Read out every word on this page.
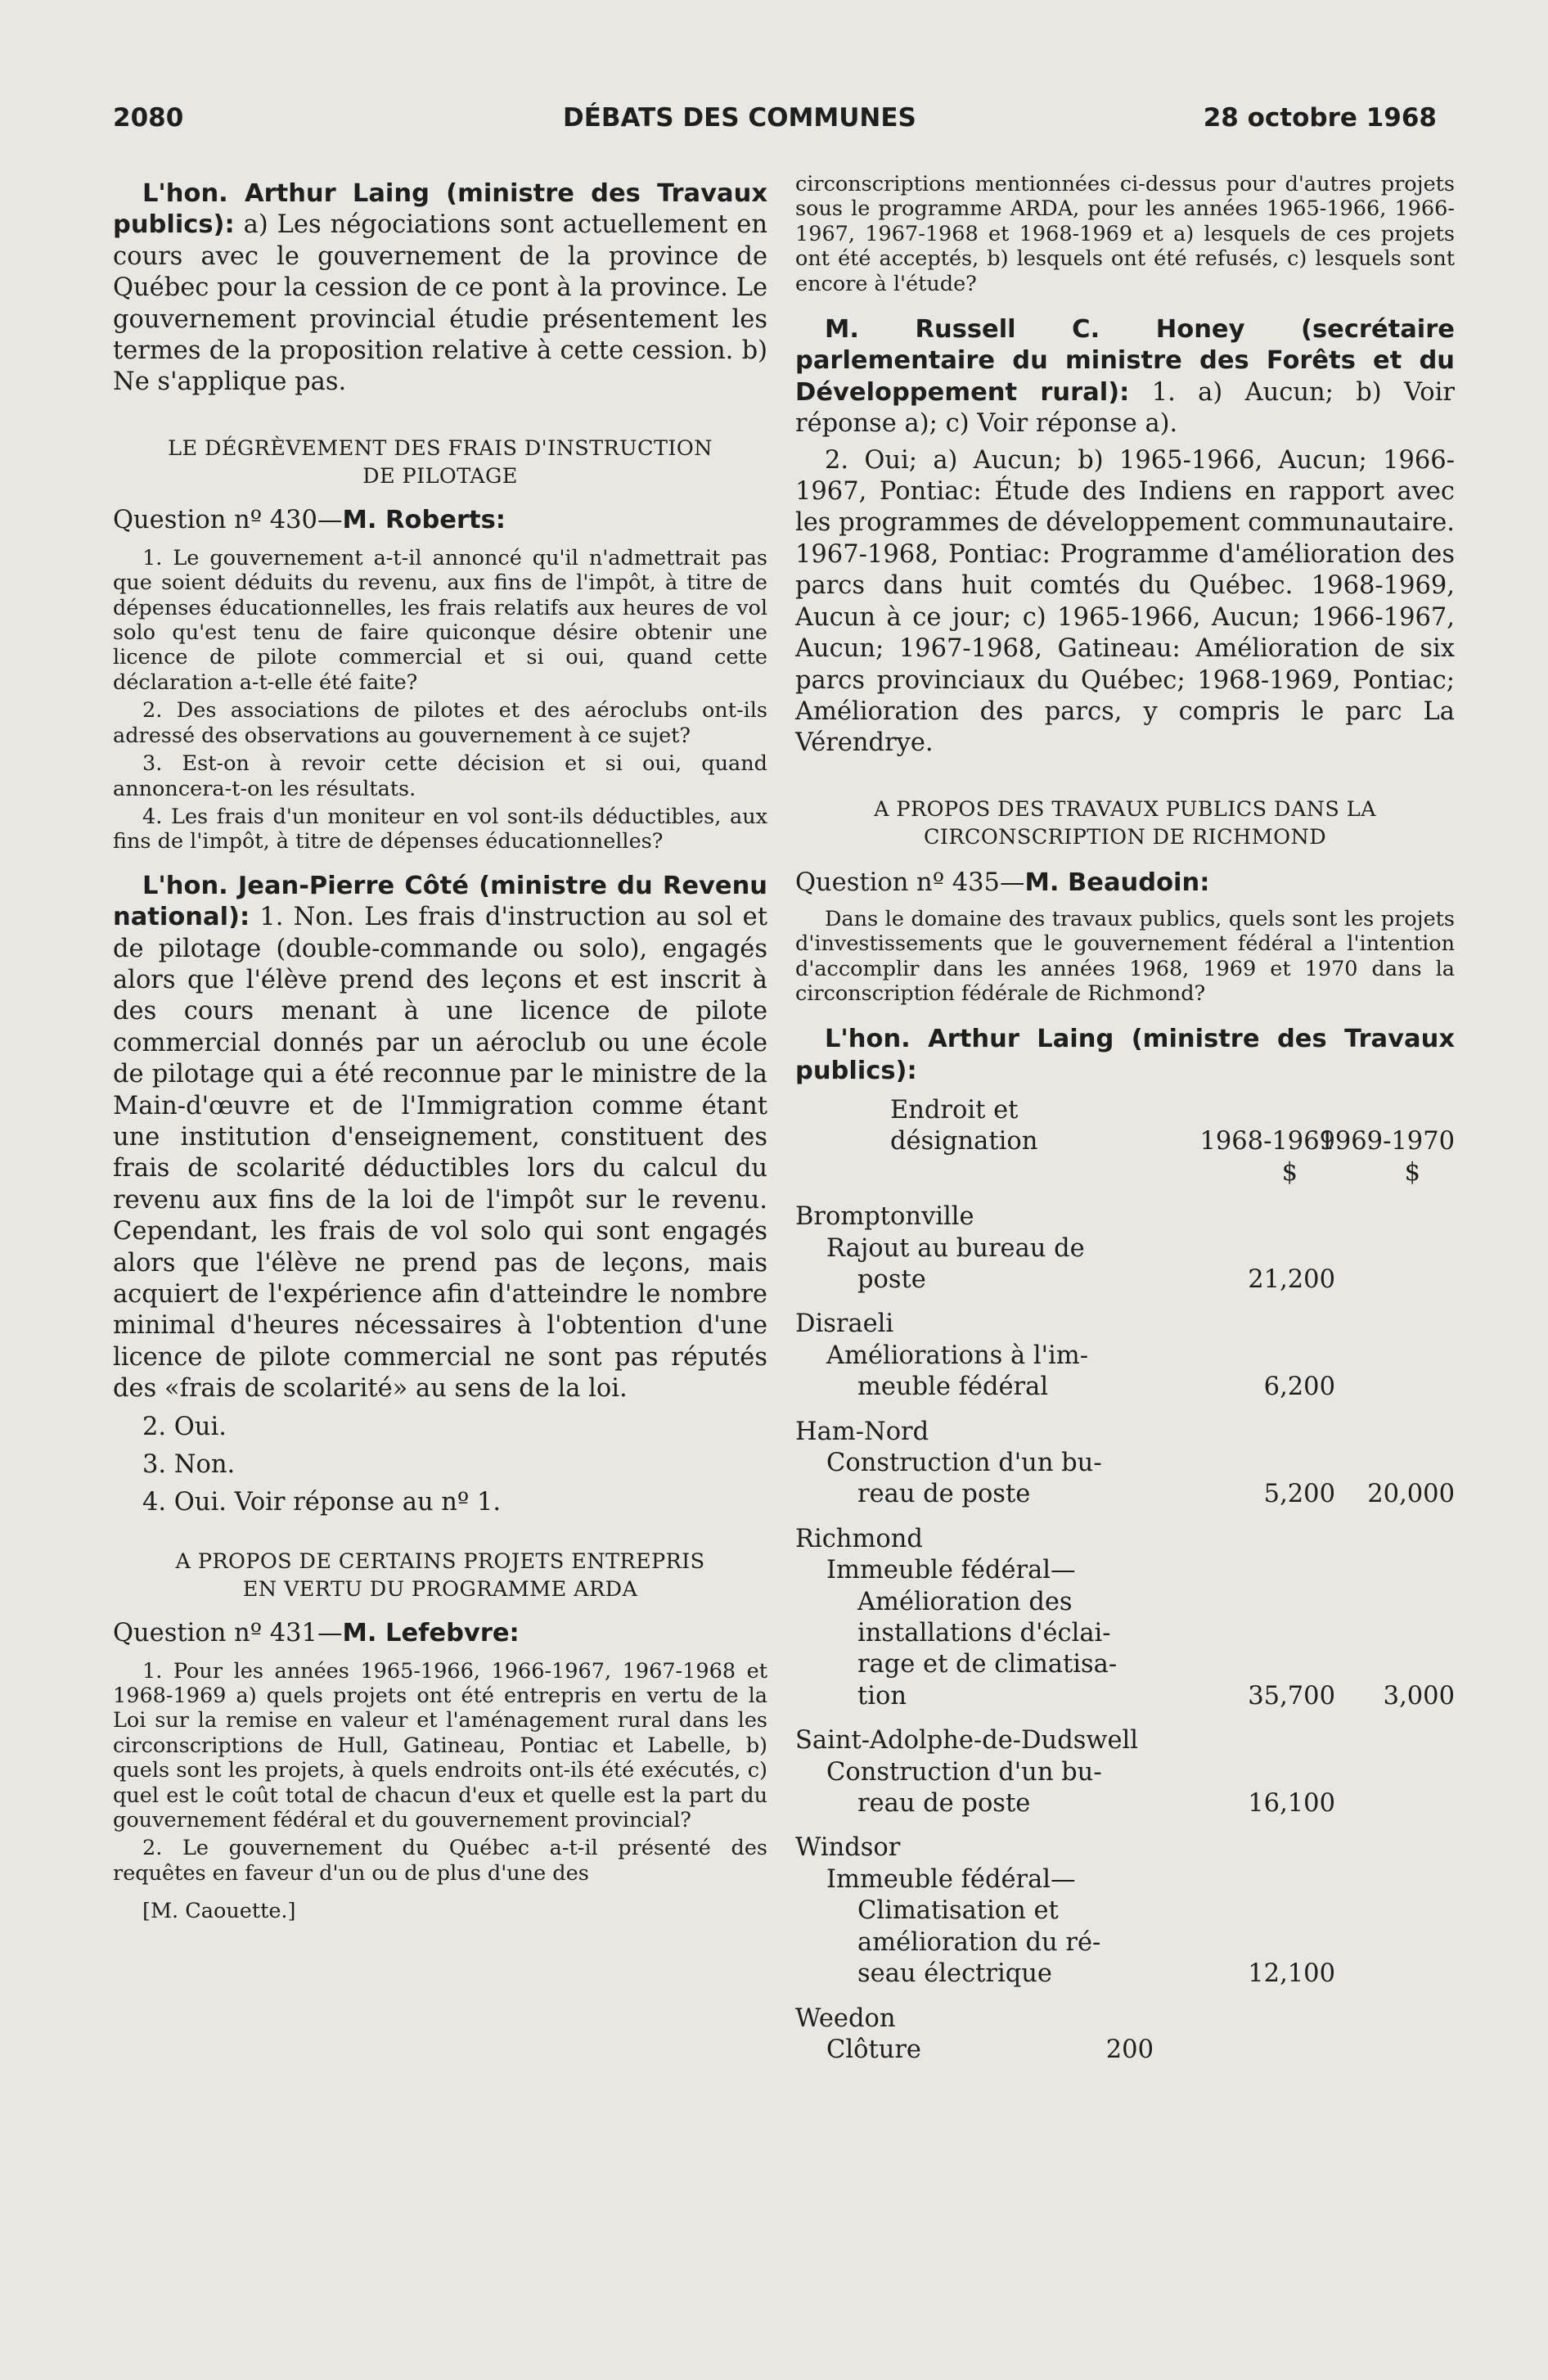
2080	DÉBATS DES COMMUNES	28 octobre 1968

L'hon. Arthur Laing (ministre des Travaux publics): a) Les négociations sont actuellement en cours avec le gouvernement de la province de Québec pour la cession de ce pont à la province. Le gouvernement provincial étudie présentement les termes de la proposition relative à cette cession. b) Ne s'applique pas.

LE DÉGRÈVEMENT DES FRAIS D'INSTRUCTION
DE PILOTAGE

Question nº 430—M. Roberts:

1. Le gouvernement a-t-il annoncé qu'il n'admettrait pas que soient déduits du revenu, aux fins de l'impôt, à titre de dépenses éducationnelles, les frais relatifs aux heures de vol solo qu'est tenu de faire quiconque désire obtenir une licence de pilote commercial et si oui, quand cette déclaration a-t-elle été faite?

2. Des associations de pilotes et des aéroclubs ont-ils adressé des observations au gouvernement à ce sujet?

3. Est-on à revoir cette décision et si oui, quand annoncera-t-on les résultats.

4. Les frais d'un moniteur en vol sont-ils déductibles, aux fins de l'impôt, à titre de dépenses éducationnelles?

L'hon. Jean-Pierre Côté (ministre du Revenu national): 1. Non. Les frais d'instruction au sol et de pilotage (double-commande ou solo), engagés alors que l'élève prend des leçons et est inscrit à des cours menant à une licence de pilote commercial donnés par un aéroclub ou une école de pilotage qui a été reconnue par le ministre de la Main-d'œuvre et de l'Immigration comme étant une institution d'enseignement, constituent des frais de scolarité déductibles lors du calcul du revenu aux fins de la loi de l'impôt sur le revenu. Cependant, les frais de vol solo qui sont engagés alors que l'élève ne prend pas de leçons, mais acquiert de l'expérience afin d'atteindre le nombre minimal d'heures nécessaires à l'obtention d'une licence de pilote commercial ne sont pas réputés des «frais de scolarité» au sens de la loi.

2. Oui.

3. Non.

4. Oui. Voir réponse au nº 1.

A PROPOS DE CERTAINS PROJETS ENTREPRIS
EN VERTU DU PROGRAMME ARDA

Question nº 431—M. Lefebvre:

1. Pour les années 1965-1966, 1966-1967, 1967-1968 et 1968-1969 a) quels projets ont été entrepris en vertu de la Loi sur la remise en valeur et l'aménagement rural dans les circonscriptions de Hull, Gatineau, Pontiac et Labelle, b) quels sont les projets, à quels endroits ont-ils été exécutés, c) quel est le coût total de chacun d'eux et quelle est la part du gouvernement fédéral et du gouvernement provincial?

2. Le gouvernement du Québec a-t-il présenté des requêtes en faveur d'un ou de plus d'une des

[M. Caouette.]

circonscriptions mentionnées ci-dessus pour d'autres projets sous le programme ARDA, pour les années 1965-1966, 1966-1967, 1967-1968 et 1968-1969 et a) lesquels de ces projets ont été acceptés, b) lesquels ont été refusés, c) lesquels sont encore à l'étude?

M. Russell C. Honey (secrétaire parlementaire du ministre des Forêts et du Développement rural): 1. a) Aucun; b) Voir réponse a); c) Voir réponse a).

2. Oui; a) Aucun; b) 1965-1966, Aucun; 1966-1967, Pontiac: Étude des Indiens en rapport avec les programmes de développement communautaire. 1967-1968, Pontiac: Programme d'amélioration des parcs dans huit comtés du Québec. 1968-1969, Aucun à ce jour; c) 1965-1966, Aucun; 1966-1967, Aucun; 1967-1968, Gatineau: Amélioration de six parcs provinciaux du Québec; 1968-1969, Pontiac; Amélioration des parcs, y compris le parc La Vérendrye.

A PROPOS DES TRAVAUX PUBLICS DANS LA
CIRCONSCRIPTION DE RICHMOND

Question nº 435—M. Beaudoin:

Dans le domaine des travaux publics, quels sont les projets d'investissements que le gouvernement fédéral a l'intention d'accomplir dans les années 1968, 1969 et 1970 dans la circonscription fédérale de Richmond?

L'hon. Arthur Laing (ministre des Travaux publics):

Endroit et
désignation	1968-1969
1969-1970
$	$
Bromptonville
Rajout au bureau de
poste	21,200
Disraeli
Améliorations à l'im-
meuble fédéral	6,200
Ham-Nord
Construction d'un bu-
reau de poste	5,200 20,000
Richmond
Immeuble fédéral—
Amélioration des
installations d'éclai-
rage et de climatisa-
tion	35,700 3,000
Saint-Adolphe-de-Dudswell
Construction d'un bu-
reau de poste	16,100
Windsor
Immeuble fédéral—
Climatisation et
amélioration du ré-
seau électrique	12,100
Weedon
Clôture	200
